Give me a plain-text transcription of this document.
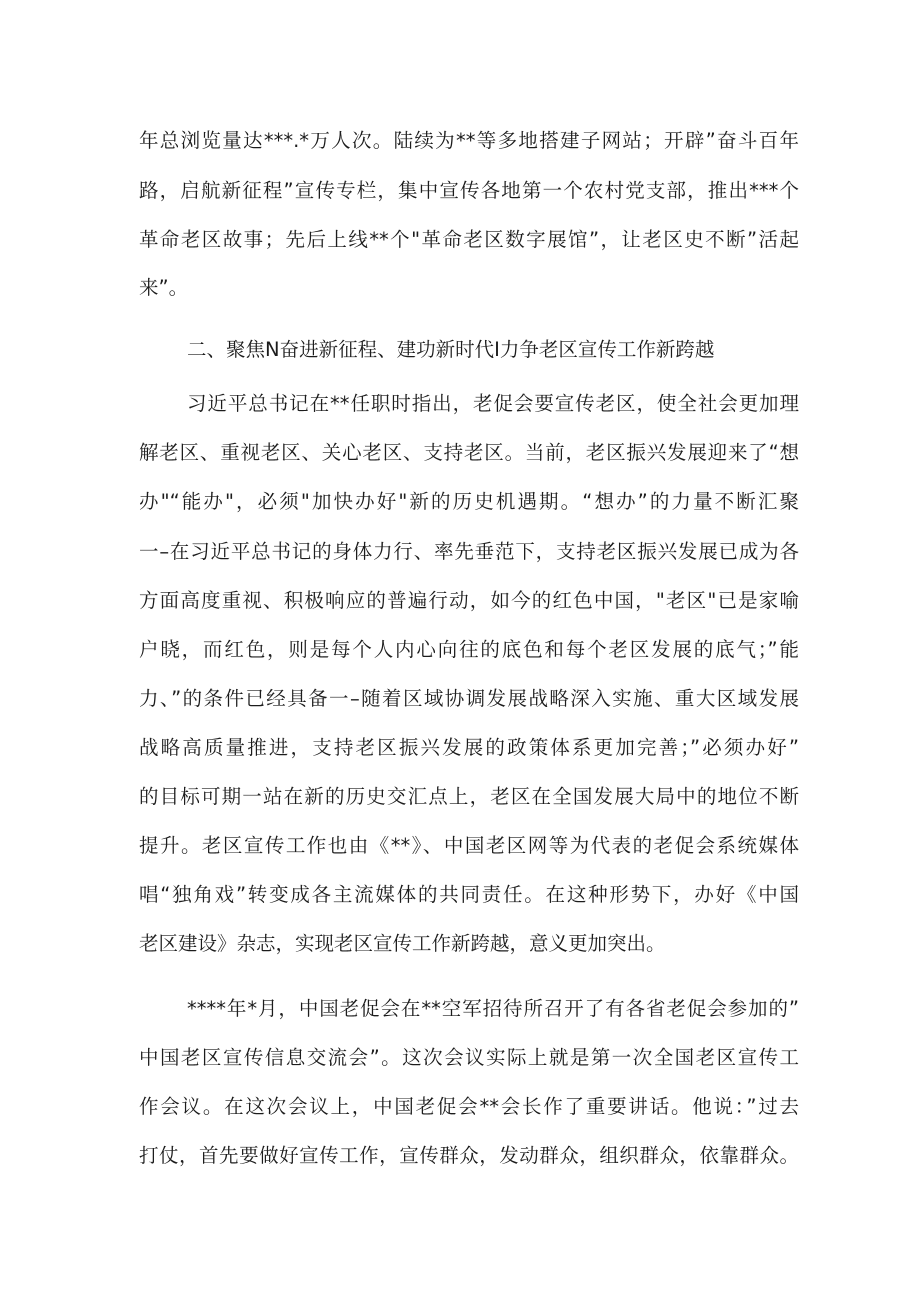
年总浏览量达***.*万人次。陆续为**等多地搭建子网站；开辟”奋斗百年
路，启航新征程”宣传专栏，集中宣传各地第一个农村党支部，推出***个
革命老区故事；先后上线**个"革命老区数字展馆”，让老区史不断”活起
来”。
二、聚焦N奋进新征程、建功新时代I力争老区宣传工作新跨越
习近平总书记在**任职时指出，老促会要宣传老区，使全社会更加理
解老区、重视老区、关心老区、支持老区。当前，老区振兴发展迎来了“想
办"“能办"，必须"加快办好"新的历史机遇期。“想办”的力量不断汇聚
一–在习近平总书记的身体力行、率先垂范下，支持老区振兴发展已成为各
方面高度重视、积极响应的普遍行动，如今的红色中国，"老区"已是家喻
户晓，而红色，则是每个人内心向往的底色和每个老区发展的底气；”能
力、”的条件已经具备一–随着区域协调发展战略深入实施、重大区域发展
战略高质量推进，支持老区振兴发展的政策体系更加完善；”必须办好”
的目标可期一站在新的历史交汇点上，老区在全国发展大局中的地位不断
提升。老区宣传工作也由《**》、中国老区网等为代表的老促会系统媒体
唱“独角戏”转变成各主流媒体的共同责任。在这种形势下，办好《中国
老区建设》杂志，实现老区宣传工作新跨越，意义更加突出。
****年*月，中国老促会在**空军招待所召开了有各省老促会参加的”
中国老区宣传信息交流会”。这次会议实际上就是第一次全国老区宣传工
作会议。在这次会议上，中国老促会**会长作了重要讲话。他说：”过去
打仗，首先要做好宣传工作，宣传群众，发动群众，组织群众，依靠群众。
